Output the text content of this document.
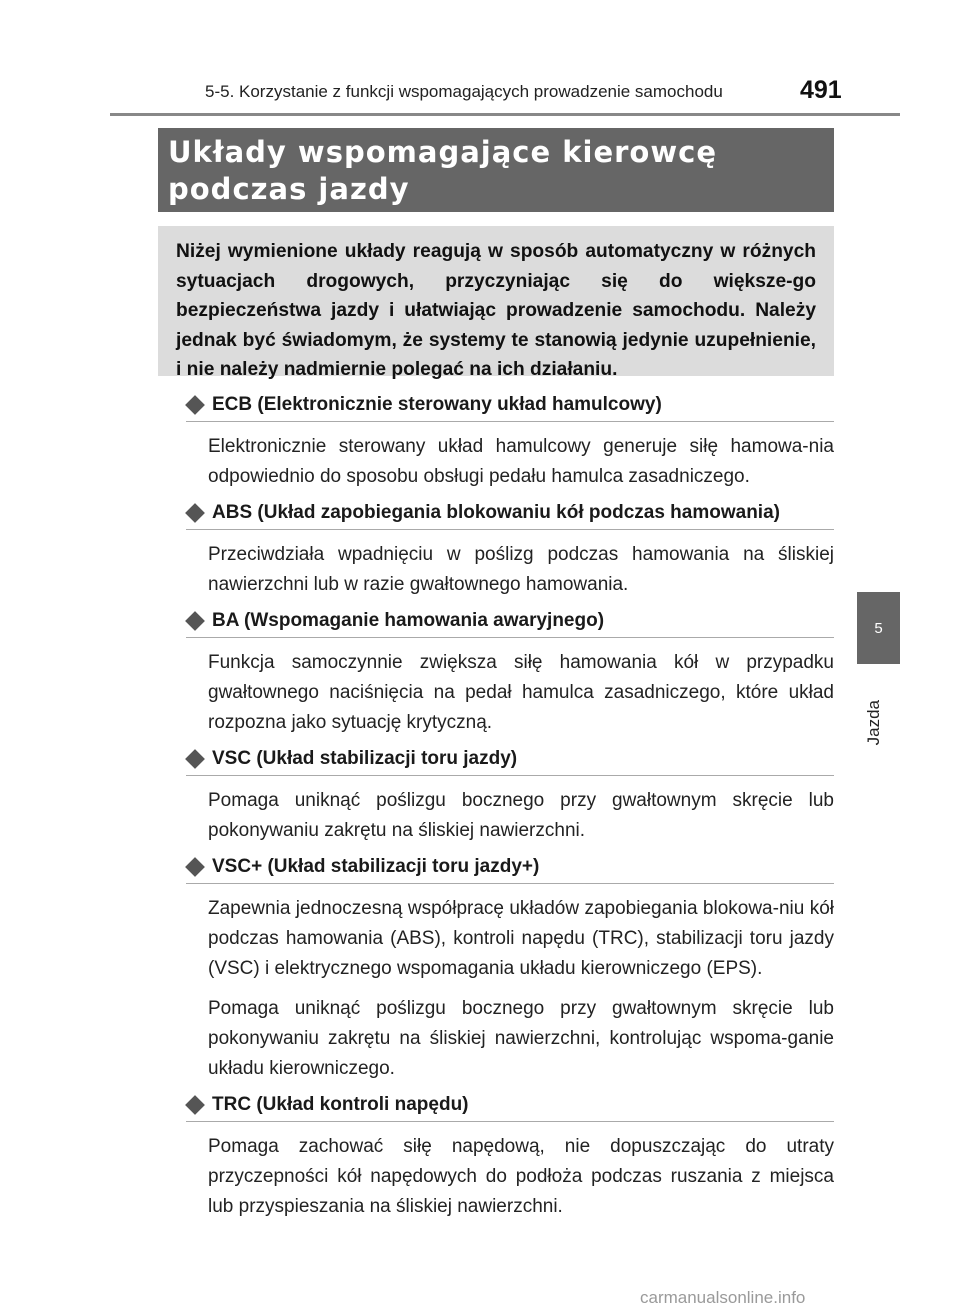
5-5. Korzystanie z funkcji wspomagających prowadzenie samochodu	491
Układy wspomagające kierowcę podczas jazdy
Niżej wymienione układy reagują w sposób automatyczny w różnych sytuacjach drogowych, przyczyniając się do większe-go bezpieczeństwa jazdy i ułatwiając prowadzenie samochodu. Należy jednak być świadomym, że systemy te stanowią jedynie uzupełnienie, i nie należy nadmiernie polegać na ich działaniu.
ECB (Elektronicznie sterowany układ hamulcowy)

Elektronicznie sterowany układ hamulcowy generuje siłę hamowa-nia odpowiednio do sposobu obsługi pedału hamulca zasadniczego.

ABS (Układ zapobiegania blokowaniu kół podczas hamowania)

Przeciwdziała wpadnięciu w poślizg podczas hamowania na śliskiej nawierzchni lub w razie gwałtownego hamowania.

BA (Wspomaganie hamowania awaryjnego)

Funkcja samoczynnie zwiększa siłę hamowania kół w przypadku gwałtownego naciśnięcia na pedał hamulca zasadniczego, które układ rozpozna jako sytuację krytyczną.

VSC (Układ stabilizacji toru jazdy)

Pomaga uniknąć poślizgu bocznego przy gwałtownym skręcie lub pokonywaniu zakrętu na śliskiej nawierzchni.

VSC+ (Układ stabilizacji toru jazdy+)

Zapewnia jednoczesną współpracę układów zapobiegania blokowa-niu kół podczas hamowania (ABS), kontroli napędu (TRC), stabilizacji toru jazdy (VSC) i elektrycznego wspomagania układu kierowniczego (EPS).

Pomaga uniknąć poślizgu bocznego przy gwałtownym skręcie lub pokonywaniu zakrętu na śliskiej nawierzchni, kontrolując wspoma-ganie układu kierowniczego.

TRC (Układ kontroli napędu)

Pomaga zachować siłę napędową, nie dopuszczając do utraty przyczepności kół napędowych do podłoża podczas ruszania z miejsca lub przyspieszania na śliskiej nawierzchni.

5
Jazda
carmanualsonline.info
